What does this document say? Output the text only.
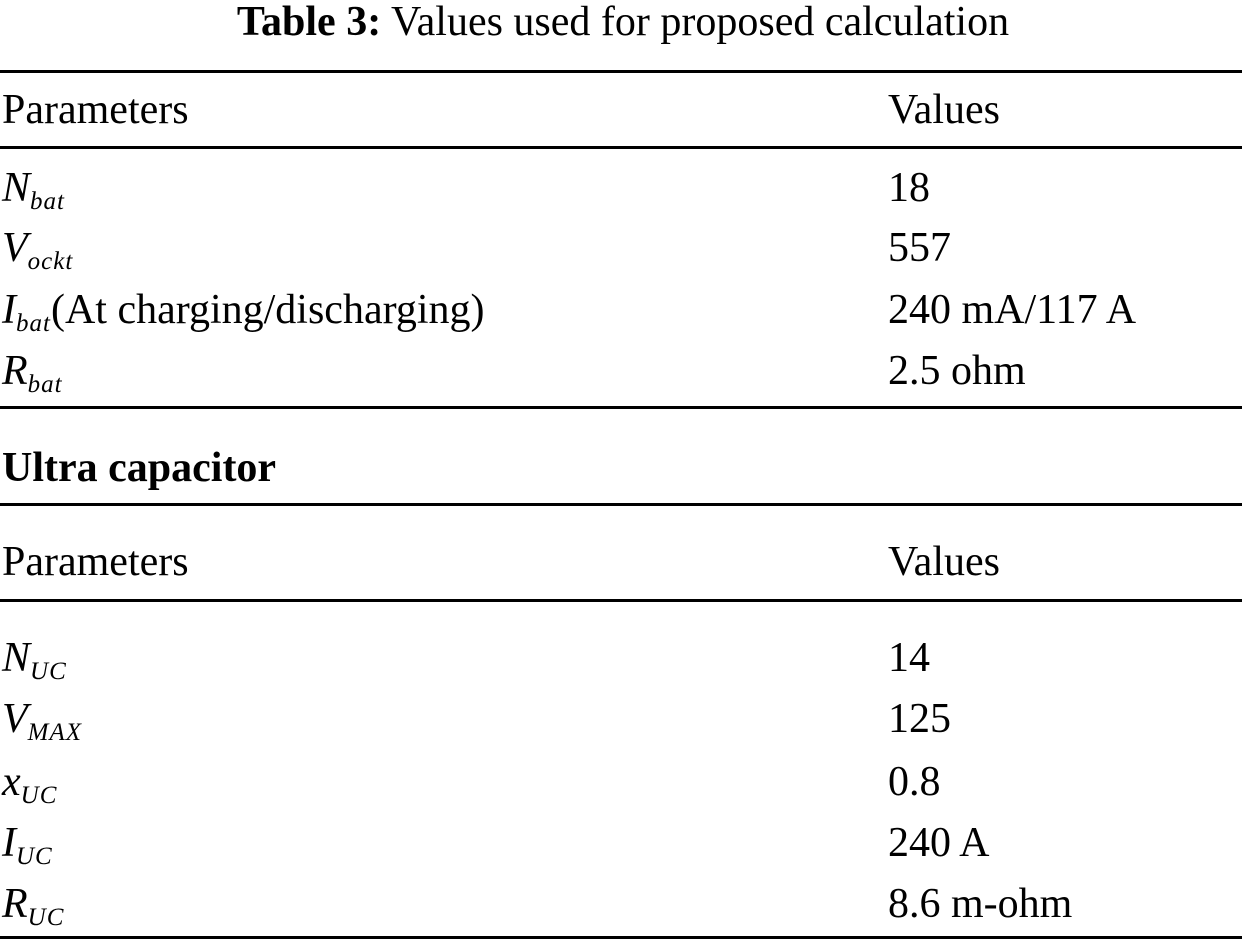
Table 3: Values used for proposed calculation
Parameters	Values
$N_{bat}$	18
$V_{ockt}$	557
$I_{bat}(At$ charging/discharging)	240 mA/117 A
$R_{bat}$	2.5 ohm
Ultra capacitor
Parameters	Values
$N_{UC}$	14
$V_{MAX}$	125
$x_{UC}$	0.8
$I_{UC}$	240 A
$R_{UC}$	8.6 m-ohm
